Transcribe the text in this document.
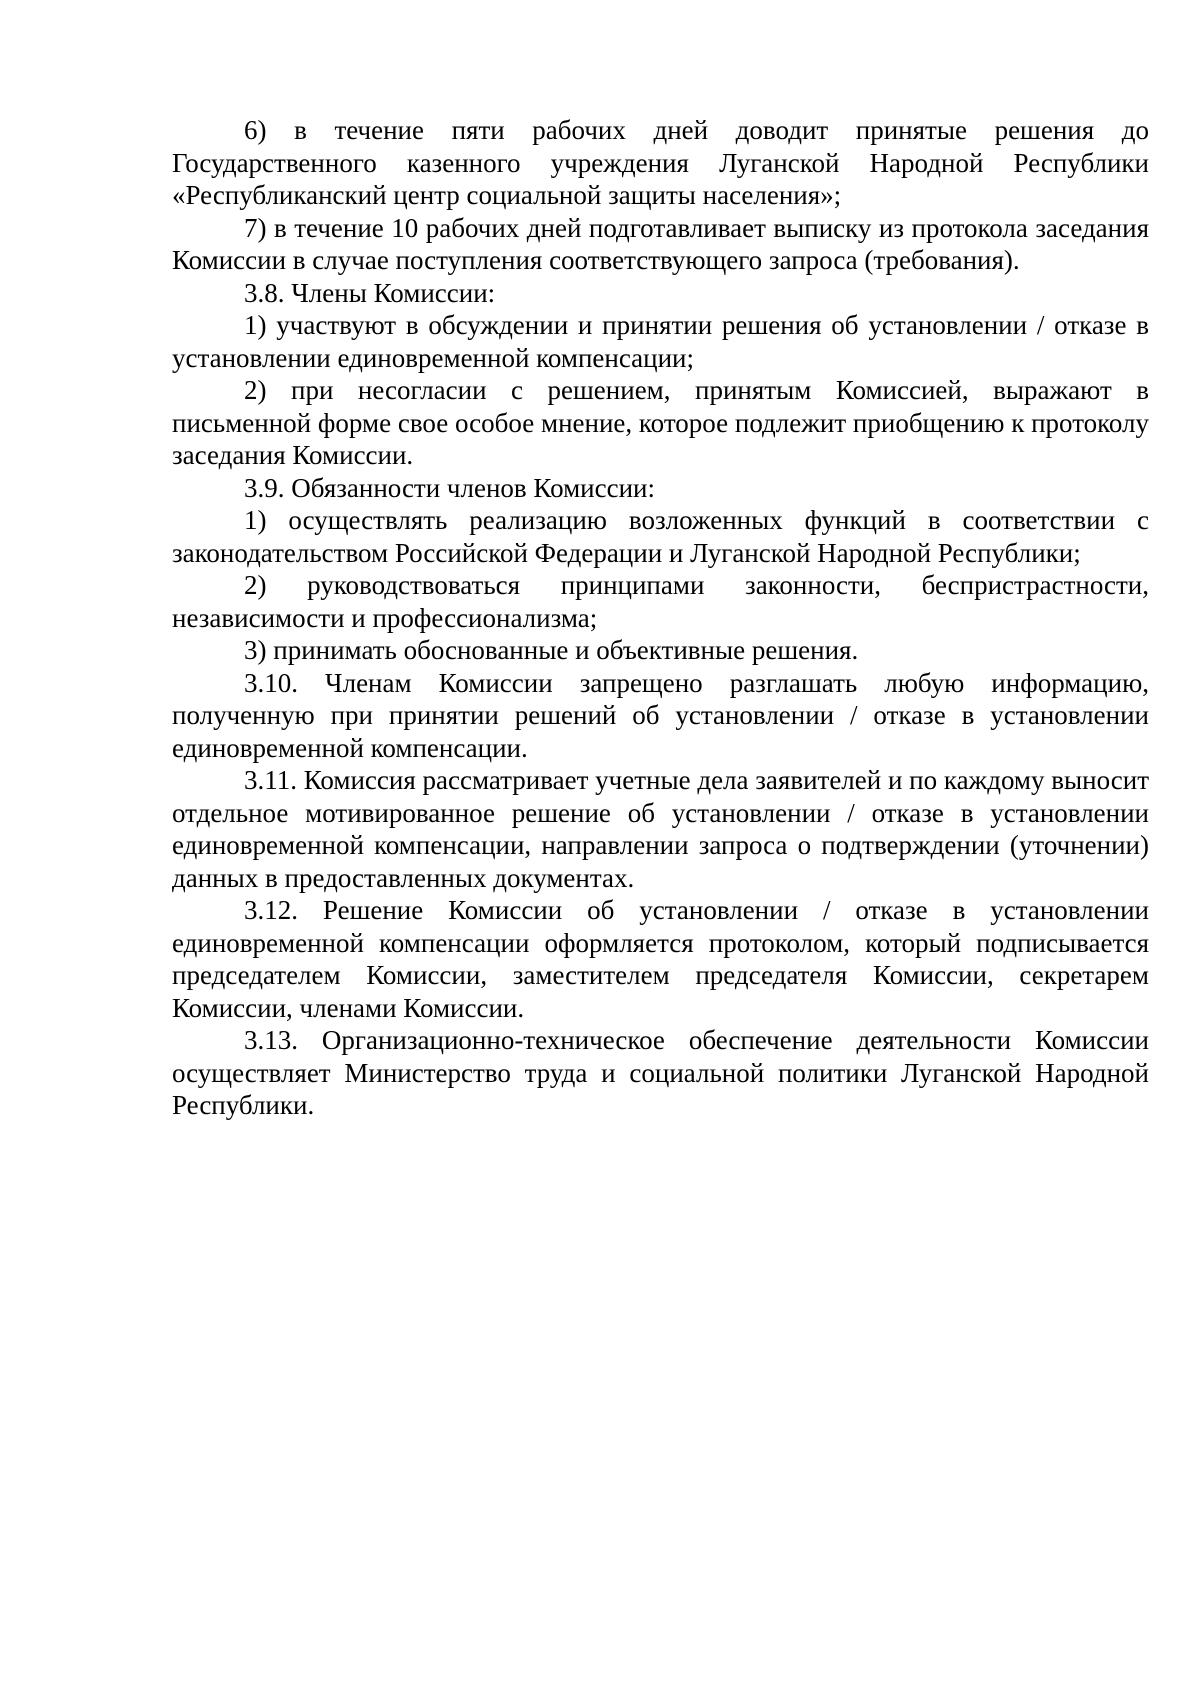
6) в течение пяти рабочих дней доводит принятые решения до Государственного казенного учреждения Луганской Народной Республики «Республиканский центр социальной защиты населения»;

7) в течение 10 рабочих дней подготавливает выписку из протокола заседания Комиссии в случае поступления соответствующего запроса (требования).

3.8. Члены Комиссии:

1) участвуют в обсуждении и принятии решения об установлении / отказе в установлении единовременной компенсации;

2) при несогласии с решением, принятым Комиссией, выражают в письменной форме свое особое мнение, которое подлежит приобщению к протоколу заседания Комиссии.

3.9. Обязанности членов Комиссии:

1) осуществлять реализацию возложенных функций в соответствии с законодательством Российской Федерации и Луганской Народной Республики;

2) руководствоваться принципами законности, беспристрастности, независимости и профессионализма;

3) принимать обоснованные и объективные решения.

3.10. Членам Комиссии запрещено разглашать любую информацию, полученную при принятии решений об установлении / отказе в установлении единовременной компенсации.

3.11. Комиссия рассматривает учетные дела заявителей и по каждому выносит отдельное мотивированное решение об установлении / отказе в установлении единовременной компенсации, направлении запроса о подтверждении (уточнении) данных в предоставленных документах.

3.12. Решение Комиссии об установлении / отказе в установлении единовременной компенсации оформляется протоколом, который подписывается председателем Комиссии, заместителем председателя Комиссии, секретарем Комиссии, членами Комиссии.

3.13. Организационно-техническое обеспечение деятельности Комиссии осуществляет Министерство труда и социальной политики Луганской Народной Республики.
